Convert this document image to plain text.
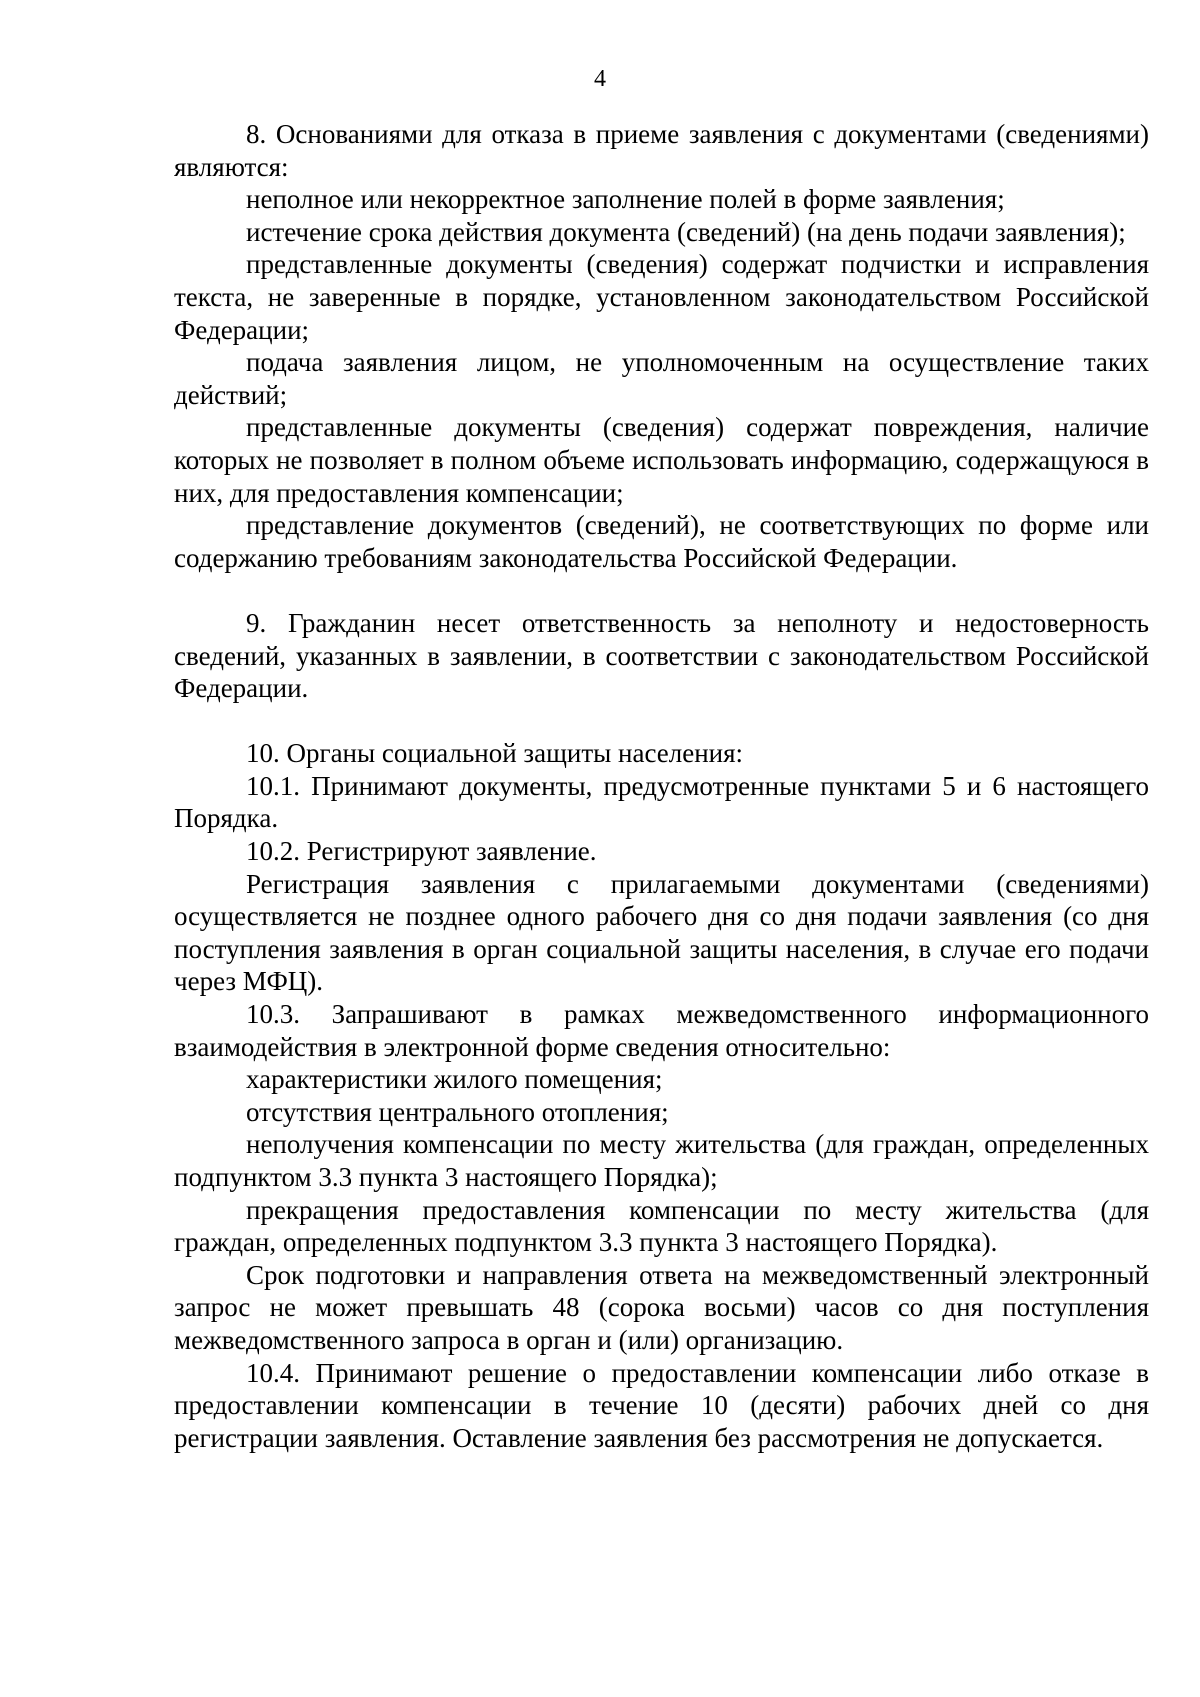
4

8. Основаниями для отказа в приеме заявления с документами (сведениями) являются:

неполное или некорректное заполнение полей в форме заявления;

истечение срока действия документа (сведений) (на день подачи заявления);

представленные документы (сведения) содержат подчистки и исправления текста, не заверенные в порядке, установленном законодательством Российской Федерации;

подача заявления лицом, не уполномоченным на осуществление таких действий;

представленные документы (сведения) содержат повреждения, наличие которых не позволяет в полном объеме использовать информацию, содержащуюся в них, для предоставления компенсации;

представление документов (сведений), не соответствующих по форме или содержанию требованиям законодательства Российской Федерации.

9. Гражданин несет ответственность за неполноту и недостоверность сведений, указанных в заявлении, в соответствии с законодательством Российской Федерации.

10. Органы социальной защиты населения:

10.1. Принимают документы, предусмотренные пунктами 5 и 6 настоящего Порядка.

10.2. Регистрируют заявление.

Регистрация заявления с прилагаемыми документами (сведениями) осуществляется не позднее одного рабочего дня со дня подачи заявления (со дня поступления заявления в орган социальной защиты населения, в случае его подачи через МФЦ).

10.3. Запрашивают в рамках межведомственного информационного взаимодействия в электронной форме сведения относительно:

характеристики жилого помещения;

отсутствия центрального отопления;

неполучения компенсации по месту жительства (для граждан, определенных подпунктом 3.3 пункта 3 настоящего Порядка);

прекращения предоставления компенсации по месту жительства (для граждан, определенных подпунктом 3.3 пункта 3 настоящего Порядка).

Срок подготовки и направления ответа на межведомственный электронный запрос не может превышать 48 (сорока восьми) часов со дня поступления межведомственного запроса в орган и (или) организацию.

10.4. Принимают решение о предоставлении компенсации либо отказе в предоставлении компенсации в течение 10 (десяти) рабочих дней со дня регистрации заявления. Оставление заявления без рассмотрения не допускается.
